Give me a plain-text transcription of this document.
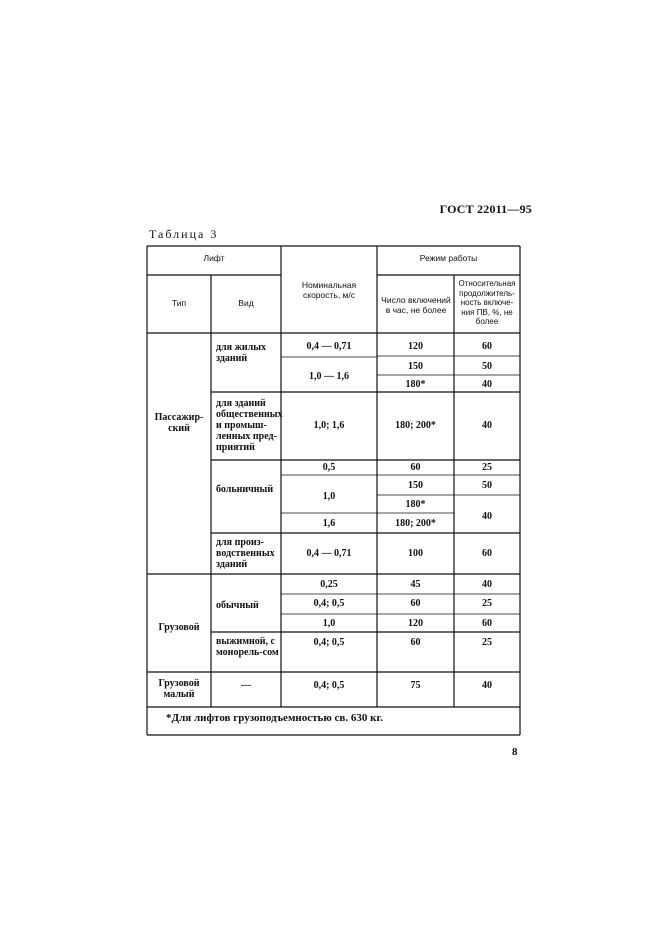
ГОСТ 22011—95
Таблица 3
Лифт
Тип	Вид
Номинальная скорость, м/с
Режим работы
Число включений в час, не более
Относительная продолжитель-ность включе-ния ПВ, %, не более
Пассажир-ский
Грузовой
Грузовой малый
для жилых зданий
для зданий общественных и промыш-ленных пред-приятий
больничный
для произ-водственных зданий
обычный
выжимной, с монорель-сом
—
0,4 — 0,71
1,0 — 1,6
1,0; 1,6
0,5
1,0
1,6
0,4 — 0,71
0,25
0,4; 0,5
1,0
0,4; 0,5
0,4; 0,5
120
150
180*
180; 200*
60
150
180*
180; 200*
100
45
60
120
60
75
60
50
40
40
25
50
40
60
40
25
60
25
40
*Для лифтов грузоподъемностью св. 630 кг.
8
